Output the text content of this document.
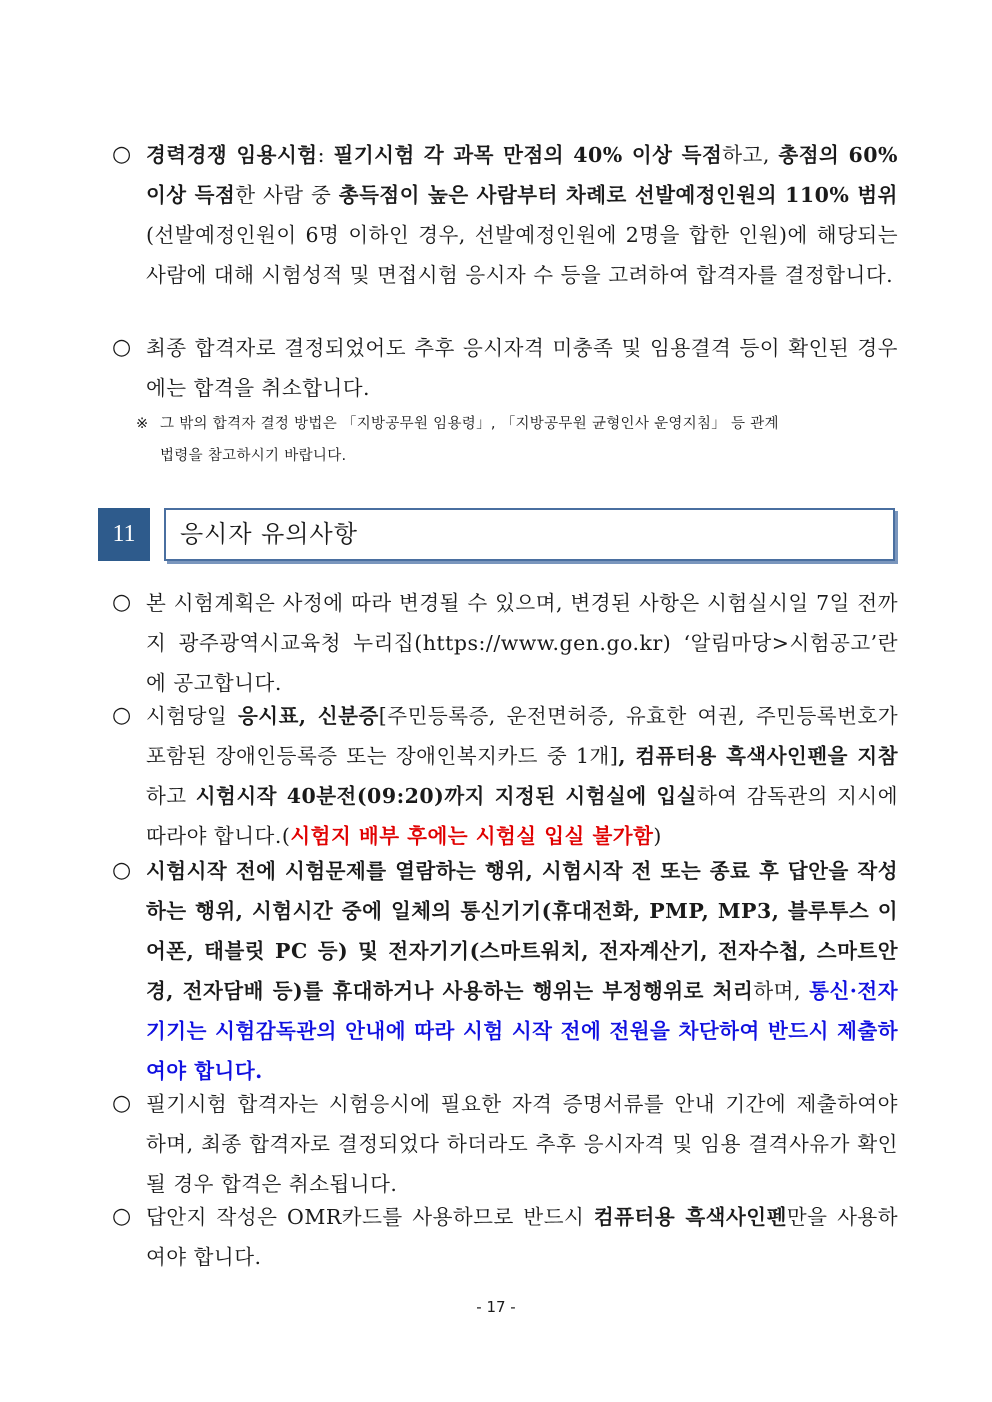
○ 경력경쟁 임용시험: 필기시험 각 과목 만점의 40% 이상 득점하고, 총점의 60% 이상 득점한 사람 중 총득점이 높은 사람부터 차례로 선발예정인원의 110% 범위(선발예정인원이 6명 이하인 경우, 선발예정인원에 2명을 합한 인원)에 해당되는 사람에 대해 시험성적 및 면접시험 응시자 수 등을 고려하여 합격자를 결정합니다.
○ 최종 합격자로 결정되었어도 추후 응시자격 미충족 및 임용결격 등이 확인된 경우에는 합격을 취소합니다.
※ 그 밖의 합격자 결정 방법은 「지방공무원 임용령」, 「지방공무원 균형인사 운영지침」 등 관계
법령을 참고하시기 바랍니다.
11	응시자 유의사항
○ 본 시험계획은 사정에 따라 변경될 수 있으며, 변경된 사항은 시험실시일 7일 전까지 광주광역시교육청 누리집(https://www.gen.go.kr) ‘알림마당>시험공고’란에 공고합니다.
○ 시험당일 응시표, 신분증[주민등록증, 운전면허증, 유효한 여권, 주민등록번호가 포함된 장애인등록증 또는 장애인복지카드 중 1개], 컴퓨터용 흑색사인펜을 지참하고 시험시작 40분전(09:20)까지 지정된 시험실에 입실하여 감독관의 지시에 따라야 합니다.(시험지 배부 후에는 시험실 입실 불가함)
○ 시험시작 전에 시험문제를 열람하는 행위, 시험시작 전 또는 종료 후 답안을 작성하는 행위, 시험시간 중에 일체의 통신기기(휴대전화, PMP, MP3, 블루투스 이어폰, 태블릿 PC 등) 및 전자기기(스마트워치, 전자계산기, 전자수첩, 스마트안경, 전자담배 등)를 휴대하거나 사용하는 행위는 부정행위로 처리하며, 통신·전자기기는 시험감독관의 안내에 따라 시험 시작 전에 전원을 차단하여 반드시 제출하여야 합니다.
○ 필기시험 합격자는 시험응시에 필요한 자격 증명서류를 안내 기간에 제출하여야 하며, 최종 합격자로 결정되었다 하더라도 추후 응시자격 및 임용 결격사유가 확인될 경우 합격은 취소됩니다.
○ 답안지 작성은 OMR카드를 사용하므로 반드시 컴퓨터용 흑색사인펜만을 사용하여야 합니다.
- 17 -
